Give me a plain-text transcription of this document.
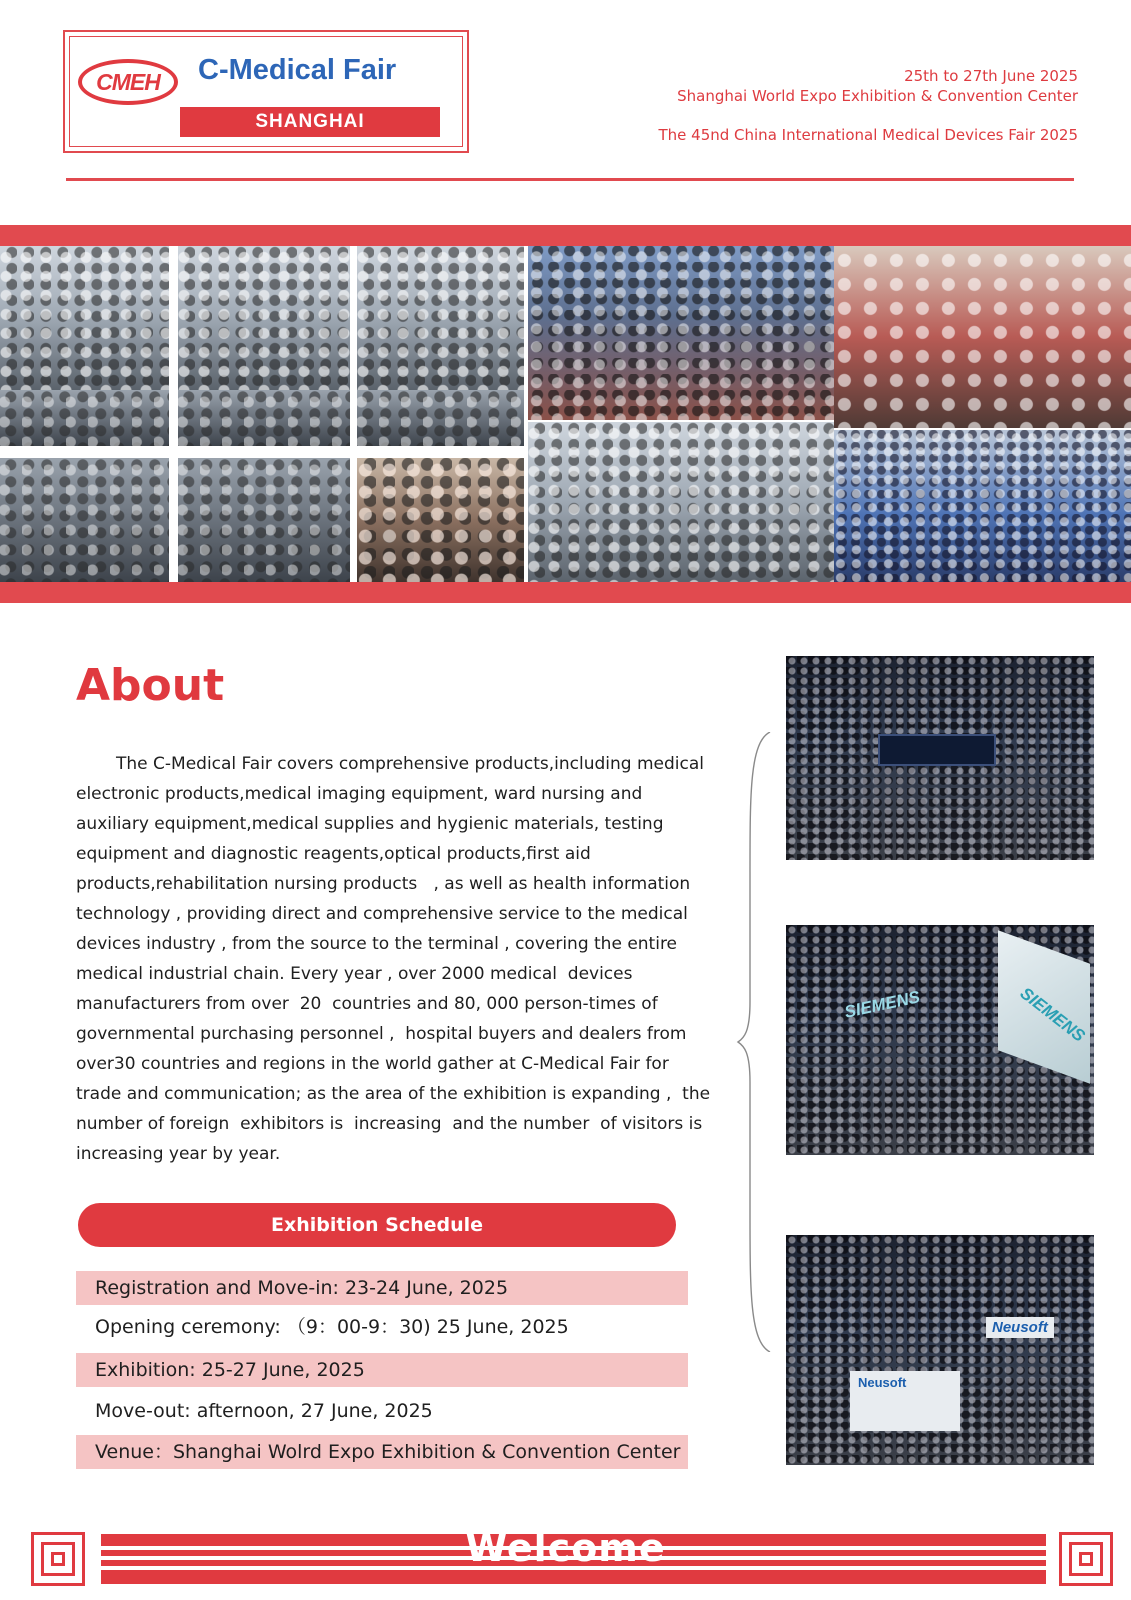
CMEH	C-Medical Fair
SHANGHAI
25th to 27th June 2025
Shanghai World Expo Exhibition & Convention Center
The 45nd China International Medical Devices Fair 2025
About

The C-Medical Fair covers comprehensive products,including medical electronic products,medical imaging equipment, ward nursing and auxiliary equipment,medical supplies and hygienic materials, testing equipment and diagnostic reagents,optical products,first aid products,rehabilitation nursing products   , as well as health information  technology , providing direct and comprehensive service to the medical devices industry , from the source to the terminal , covering the entire medical industrial chain. Every year , over 2000 medical  devices  manufacturers from over  20  countries and 80, 000 person-times of governmental purchasing personnel ,  hospital buyers and dealers from over30 countries and regions in the world gather at C-Medical Fair for trade and communication; as the area of the exhibition is expanding ,  the number of foreign  exhibitors is  increasing  and the number  of visitors is increasing year by year.

SIEMENS	SIEMENS
Neusoft
Neusoft
Exhibition Schedule
Registration and Move-in: 23-24 June, 2025
Opening ceremony: （9：00-9：30) 25 June, 2025
Exhibition: 25-27 June, 2025
Move-out: afternoon, 27 June, 2025
Venue：Shanghai Wolrd Expo Exhibition & Convention Center
Welcome
